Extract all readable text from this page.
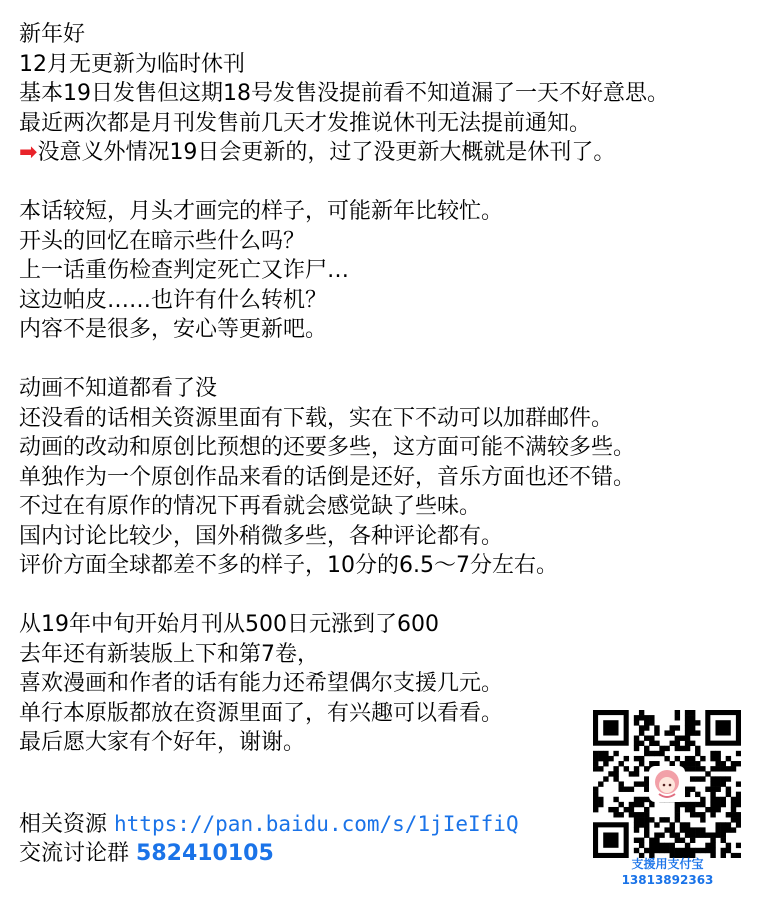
新年好
12月无更新为临时休刊
基本19日发售但这期18号发售没提前看不知道漏了一天不好意思。
最近两次都是月刊发售前几天才发推说休刊无法提前通知。
➡没意义外情况19日会更新的，过了没更新大概就是休刊了。
本话较短，月头才画完的样子，可能新年比较忙。
开头的回忆在暗示些什么吗？
上一话重伤检查判定死亡又诈尸…
这边帕皮……也许有什么转机？
内容不是很多，安心等更新吧。
动画不知道都看了没
还没看的话相关资源里面有下载，实在下不动可以加群邮件。
动画的改动和原创比预想的还要多些，这方面可能不满较多些。
单独作为一个原创作品来看的话倒是还好，音乐方面也还不错。
不过在有原作的情况下再看就会感觉缺了些味。
国内讨论比较少，国外稍微多些，各种评论都有。
评价方面全球都差不多的样子，10分的6.5～7分左右。
从19年中旬开始月刊从500日元涨到了600
去年还有新装版上下和第7卷，
喜欢漫画和作者的话有能力还希望偶尔支援几元。
单行本原版都放在资源里面了，有兴趣可以看看。
最后愿大家有个好年，谢谢。
相关资源 https://pan.baidu.com/s/1jIeIfiQ
交流讨论群 582410105	支援用支付宝
13813892363
